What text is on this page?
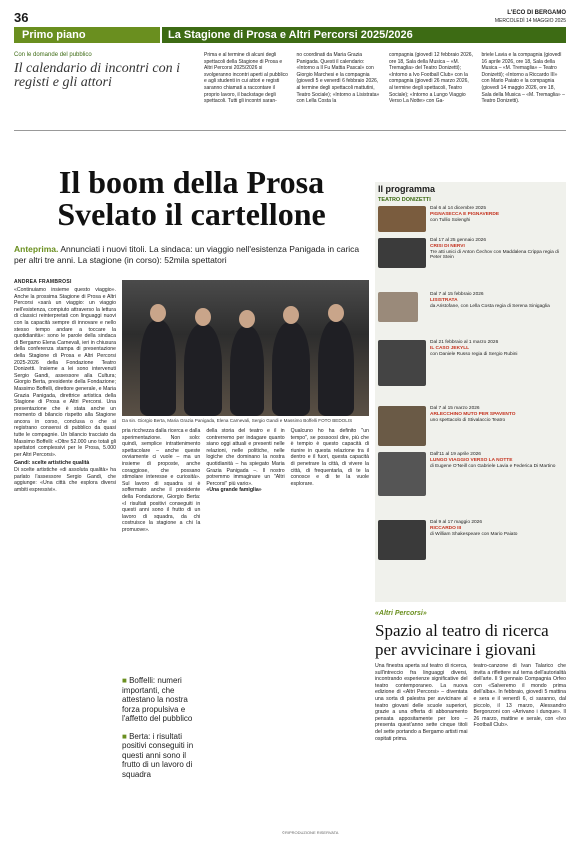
36	L'ECO DI BERGAMO
MERCOLEDÌ 14 MAGGIO 2025
Primo piano	La Stagione di Prosa e Altri Percorsi 2025/2026
Con le domande del pubblico
Il calendario di incontri con i registi e gli attori

Prima e al termine di alcuni degli spettacoli della Stagione di Prosa e Altri Percorsi 2025/2026 si svolgeranno incontri aperti al pubblico e agli studenti in cui attori e registi saranno chiamati a raccontare il proprio lavoro, il backstage degli spettacoli. Tutti gli incontri saran-

no coordinati da Maria Grazia Panigada. Questi il calendario: «Intorno a Il Fu Mattia Pascal» con Giorgio Marchesi e la compagnia (giovedì 5 e venerdì 6 febbraio 2026, al termine degli spettacoli mattutini, Teatro Sociale); «Intorno a Lisistrata» con Lella Costa la

compagnia (giovedì 12 febbraio 2026, ore 18, Sala della Musica – «M. Tremaglia» del Teatro Donizetti); «Intorno a Ivo Football Club» con la compagnia (giovedì 26 marzo 2026, al termine degli spettacoli, Teatro Sociale); «Intorno a Lungo Viaggio Verso La Notte» con Ga-

briele Lavia e la compagnia (giovedì 16 aprile 2026, ore 18, Sala della Musica – «M. Tremaglia» – Teatro Donizetti); «Intorno a Riccardo III» con Mario Paiato e la compagnia (giovedì 14 maggio 2026, ore 18, Sala della Musica – «M. Tremaglia» – Teatro Donizetti).

Il boom della Prosa Svelato il cartellone
Anteprima. Annunciati i nuovi titoli. La sindaca: un viaggio nell'esistenza Panigada in carica per altri tre anni. La stagione (in corso): 52mila spettatori
ANDREA FRAMBROSI

«Continuiamo insieme questo viaggio». Anche la prossima Stagione di Prosa e Altri Percorsi «sarà un viaggio: un viaggio nell'esistenza, compiuto attraverso la lettura di classici reinterpretati con linguaggi nuovi con la capacità sempre di innovare e nello stesso tempo andare a toccare la quotidianità»: sono le parole della sindaca di Bergamo Elena Carnevali, ieri in chiusura della conferenza stampa di presentazione della Stagione di Prosa e Altri Percorsi 2025-2026 della Fondazione Teatro Donizetti. Insieme a lei sono intervenuti Sergio Gandi, assessore alla Cultura; Giorgio Berta, presidente della Fondazione; Massimo Boffelli, direttore generale, e Maria Grazia Panigada, direttrice artistica della Stagione di Prosa e Altri Percorsi. Una presentazione che è stata anche un momento di bilancio rispetto alla Stagione ancora in corso, conclusa o che si registrano consensi di pubblico da quasi tutte le compagnie. Un bilancio tracciato da Massimo Boffelli: «Oltre 52.000 uno totali gli spettatori complessivi per le Prosa, 5.000 per Altri Percorsi».

Gandi: scelte artistiche qualità

Di scelte artistiche «di assoluta qualità» ha parlato l'assessore Sergio Gandi, che aggiunge: «Una città che esplora diversi ambiti espressivi».

Da sin. Giorgio Berta, Maria Grazia Panigada, Elena Carnevali, Sergio Gandi e Massimo Boffelli FOTO BEDOLIS

pria ricchezza dalla ricerca e dalla sperimentazione. Non solo: quindi, semplice intrattenimento spettacolare – anche queste ovviamente ci vuole – ma un insieme di proposte, anche coraggiose, che possano stimolare interesse e curiosità». Sul lavoro di squadra si è soffermato anche il presidente della Fondazione, Giorgio Berta: «I risultati positivi conseguiti in questi anni sono il frutto di un lavoro di squadra, da chi costruisce la stagione a chi la promuove».

della storia del teatro e il in contrerremo per indagare quanto siano oggi attuali e presenti nelle relazioni, nelle politiche, nelle logiche che dominano la nostra quotidianità – ha spiegato Maria Grazia Panigada –. Il nostro potremmo immaginare un "Altri Percorsi" più vario».

«Una grande famiglia»

Qualcuno ho ha definito "un tempo", se possoosì dire, più che è tempio è questo capacità di riunire in questa relazione tra il dentro e il fuori, questa capacità di penetrare la città, di vivere la città, di frequentarla, di te la conosce e di te la vuole esplorare.

■ Boffelli: numeri importanti, che attestano la nostra forza propulsiva e l'affetto del pubblico

■ Berta: i risultati positivi conseguiti in questi anni sono il frutto di un lavoro di squadra

©RIPRODUZIONE RISERVATA
Il programma
TEATRO DONIZETTI
Dal 6 al 14 dicembre 2025
PIGNASECCA E PIGNAVERDE
con Tullio Solenghi
Dal 17 al 25 gennaio 2026
CRISI DI NERVI
Tre atti unici di Anton Čechov con Maddalena Crippa regia di Peter Stein
Dal 7 al 15 febbraio 2026
LISISTRATA
da Aristofane, con Lella Costa regia di Serena Sinigaglia
Dal 21 febbraio al 1 marzo 2026
IL CASO JEKYLL
con Daniele Russo regia di Sergio Rubini
Dal 7 al 15 marzo 2026
ARLECCHINO MUTO PER SPAVENTO
uno spettacolo di Stivalaccio Teatro
Dall'11 al 19 aprile 2026
LUNGO VIAGGIO VERSO LA NOTTE
di Eugene O'Neill con Gabriele Lavia e Federica Di Martino
Dal 9 al 17 maggio 2026
RICCARDO III
di William Shakespeare con Mario Paiato
«Altri Percorsi»
Spazio al teatro di ricerca per avvicinare i giovani

Una finestra aperta sul teatro di ricerca, sull'intreccio fra linguaggi diversi, incontrando esperienze significative del teatro contemporaneo. La nuova edizione di «Altri Percorsi» – diventata una sorta di palestra per avvicinare al teatro giovani delle scuole superiori, grazie a una offerta di abbonamento pensata appositamente per loro – presenta quest'anno sette cinque titoli del sette portando a Bergamo artisti mai ospitati prima.

teatro-canzone di Ivan Talarico che invita a riflettere sul tema dell'autorialità dell'arte. Il 9 gennaio Compagnia Orfeo con «Salveremo il mondo prima dell'alba». In febbraio, giovedì 5 mattina e sera e il venerdì 6, ci saranno, dal piccolo, il 13 marzo, Alessandro Bergonzoni con «Arrivano i dunque». Il 26 marzo, mattine e serale, con «Ivo Football Club».
